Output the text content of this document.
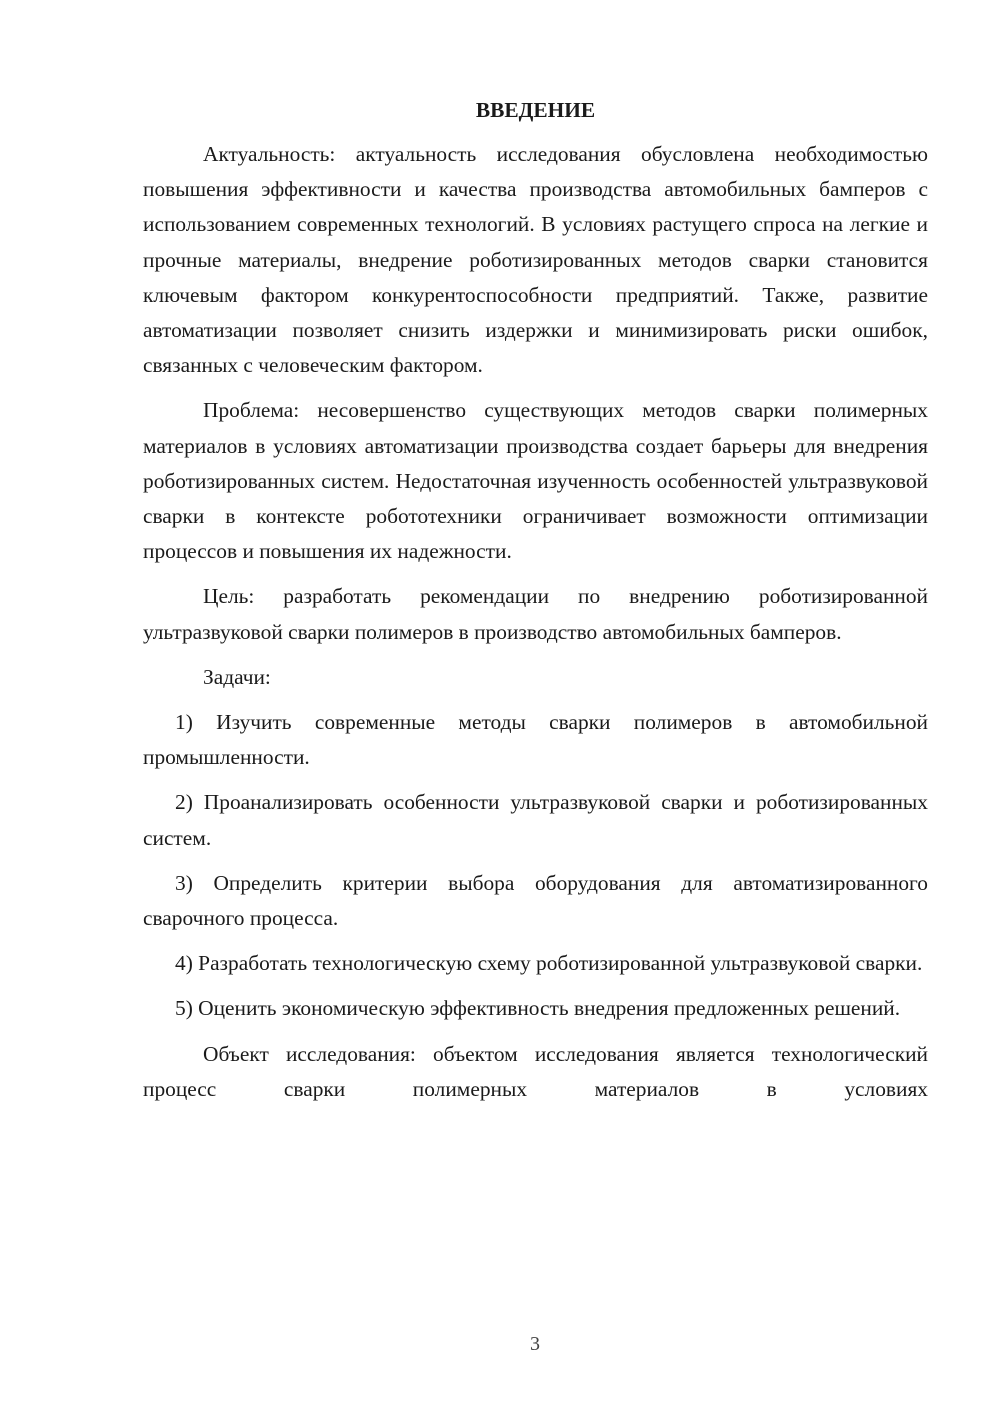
ВВЕДЕНИЕ

Актуальность: актуальность исследования обусловлена необходимостью повышения эффективности и качества производства автомобильных бамперов с использованием современных технологий. В условиях растущего спроса на легкие и прочные материалы, внедрение роботизированных методов сварки становится ключевым фактором конкурентоспособности предприятий. Также, развитие автоматизации позволяет снизить издержки и минимизировать риски ошибок, связанных с человеческим фактором.

Проблема: несовершенство существующих методов сварки полимерных материалов в условиях автоматизации производства создает барьеры для внедрения роботизированных систем. Недостаточная изученность особенностей ультразвуковой сварки в контексте робототехники ограничивает возможности оптимизации процессов и повышения их надежности.

Цель: разработать рекомендации по внедрению роботизированной ультразвуковой сварки полимеров в производство автомобильных бамперов.

Задачи:

1) Изучить современные методы сварки полимеров в автомобильной промышленности.

2) Проанализировать особенности ультразвуковой сварки и роботизированных систем.

3) Определить критерии выбора оборудования для автоматизированного сварочного процесса.

4) Разработать технологическую схему роботизированной ультразвуковой сварки.

5) Оценить экономическую эффективность внедрения предложенных решений.

Объект исследования: объектом исследования является технологический процесс сварки полимерных материалов в условиях

3
